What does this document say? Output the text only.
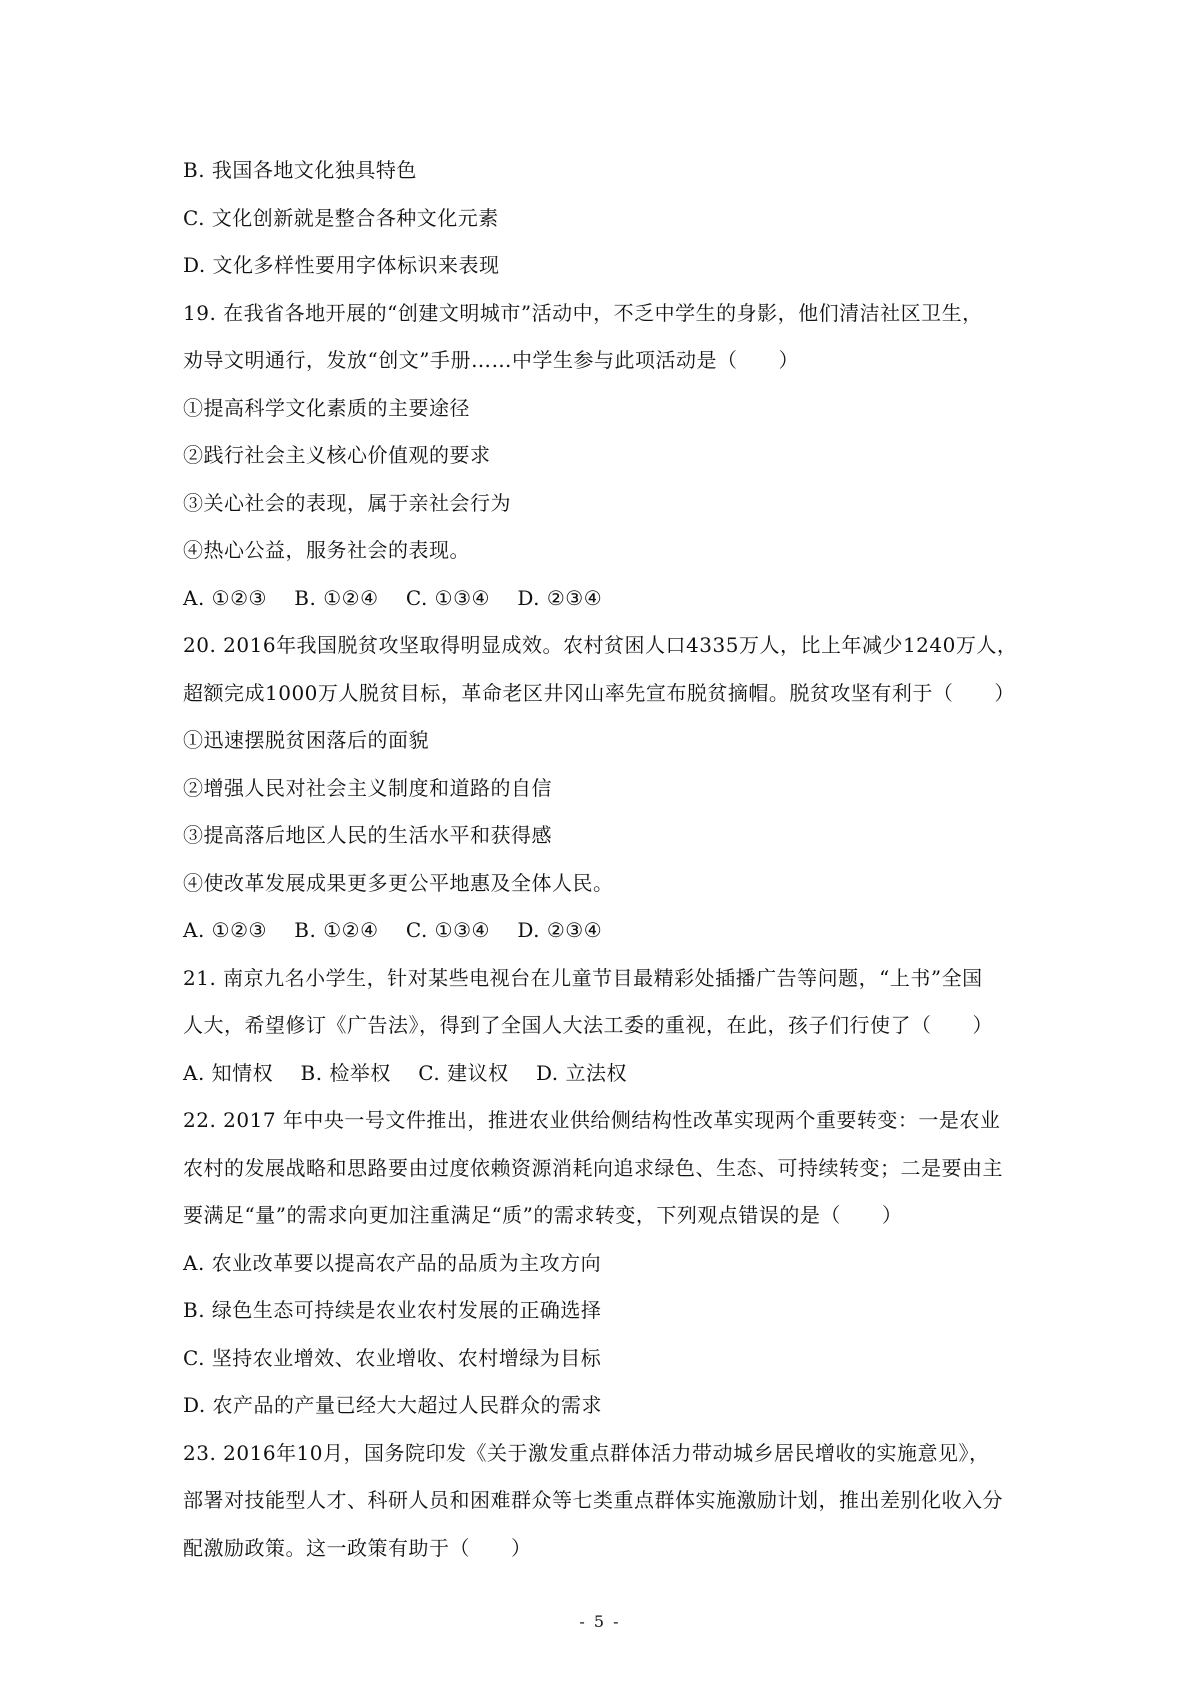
B. 我国各地文化独具特色
C. 文化创新就是整合各种文化元素
D. 文化多样性要用字体标识来表现
19. 在我省各地开展的“创建文明城市”活动中，不乏中学生的身影，他们清洁社区卫生，
劝导文明通行，发放“创文”手册……中学生参与此项活动是（　　）
①提高科学文化素质的主要途径
②践行社会主义核心价值观的要求
③关心社会的表现，属于亲社会行为
④热心公益，服务社会的表现。
A. ①②③　 B. ①②④　 C. ①③④　 D. ②③④
20. 2016年我国脱贫攻坚取得明显成效。农村贫困人口4335万人，比上年减少1240万人，
超额完成1000万人脱贫目标，革命老区井冈山率先宣布脱贫摘帽。脱贫攻坚有利于（　　）
①迅速摆脱贫困落后的面貌
②增强人民对社会主义制度和道路的自信
③提高落后地区人民的生活水平和获得感
④使改革发展成果更多更公平地惠及全体人民。
A. ①②③　 B. ①②④　 C. ①③④　 D. ②③④
21. 南京九名小学生，针对某些电视台在儿童节目最精彩处插播广告等问题，“上书”全国
人大，希望修订《广告法》，得到了全国人大法工委的重视，在此，孩子们行使了（　　）
A. 知情权　 B. 检举权　 C. 建议权　 D. 立法权
22. 2017 年中央一号文件推出，推进农业供给侧结构性改革实现两个重要转变：一是农业
农村的发展战略和思路要由过度依赖资源消耗向追求绿色、生态、可持续转变；二是要由主
要满足“量”的需求向更加注重满足“质”的需求转变，下列观点错误的是（　　）
A. 农业改革要以提高农产品的品质为主攻方向
B. 绿色生态可持续是农业农村发展的正确选择
C. 坚持农业增效、农业增收、农村增绿为目标
D. 农产品的产量已经大大超过人民群众的需求
23. 2016年10月，国务院印发《关于激发重点群体活力带动城乡居民增收的实施意见》，
部署对技能型人才、科研人员和困难群众等七类重点群体实施激励计划，推出差别化收入分
配激励政策。这一政策有助于（　　）
- 5 -
